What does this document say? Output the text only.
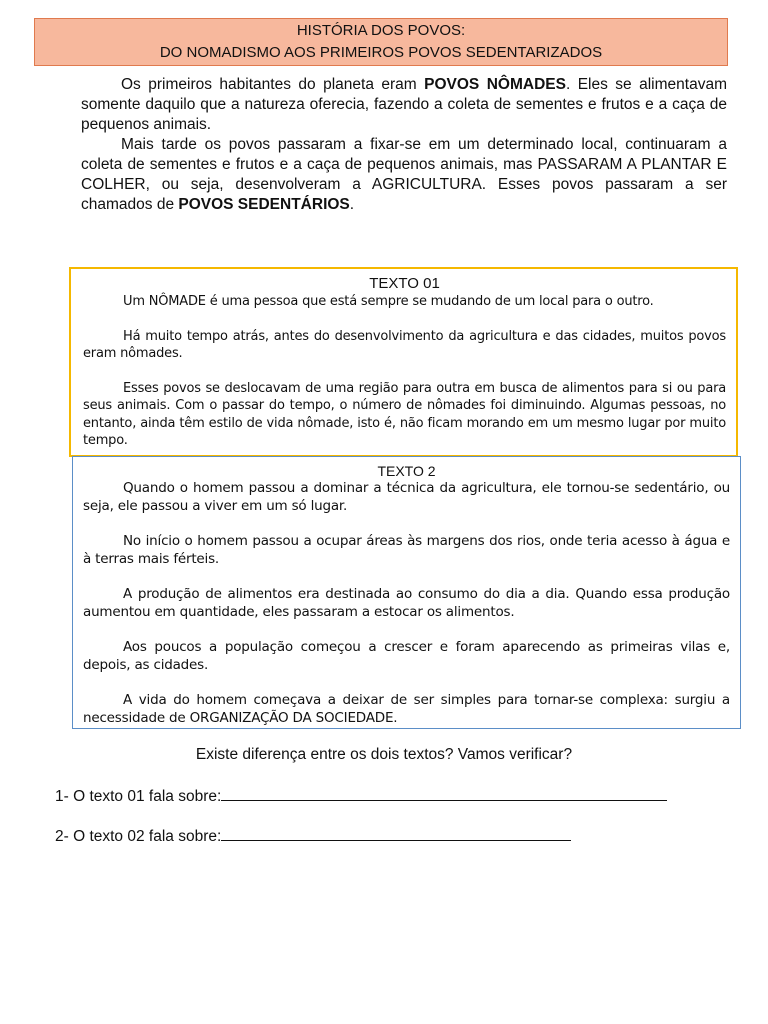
HISTÓRIA DOS POVOS:
DO NOMADISMO AOS PRIMEIROS POVOS SEDENTARIZADOS

Os primeiros habitantes do planeta eram POVOS NÔMADES. Eles se alimentavam somente daquilo que a natureza oferecia, fazendo a coleta de sementes e frutos e a caça de pequenos animais.

Mais tarde os povos passaram a fixar-se em um determinado local, continuaram a coleta de sementes e frutos e a caça de pequenos animais, mas PASSARAM A PLANTAR E COLHER, ou seja, desenvolveram a AGRICULTURA. Esses povos passaram a ser chamados de POVOS SEDENTÁRIOS.

TEXTO 01

Um NÔMADE é uma pessoa que está sempre se mudando de um local para o outro.

Há muito tempo atrás, antes do desenvolvimento da agricultura e das cidades, muitos povos eram nômades.

Esses povos se deslocavam de uma região para outra em busca de alimentos para si ou para seus animais. Com o passar do tempo, o número de nômades foi diminuindo. Algumas pessoas, no entanto, ainda têm estilo de vida nômade, isto é, não ficam morando em um mesmo lugar por muito tempo.

TEXTO 2

Quando o homem passou a dominar a técnica da agricultura, ele tornou-se sedentário, ou seja, ele passou a viver em um só lugar.

No início o homem passou a ocupar áreas às margens dos rios, onde teria acesso à água e à terras mais férteis.

A produção de alimentos era destinada ao consumo do dia a dia. Quando essa produção aumentou em quantidade, eles passaram a estocar os alimentos.

Aos poucos a população começou a crescer e foram aparecendo as primeiras vilas e, depois, as cidades.

A vida do homem começava a deixar de ser simples para tornar-se complexa: surgiu a necessidade de ORGANIZAÇÃO DA SOCIEDADE.

Existe diferença entre os dois textos? Vamos verificar?
1- O texto 01 fala sobre:
2- O texto 02 fala sobre:
